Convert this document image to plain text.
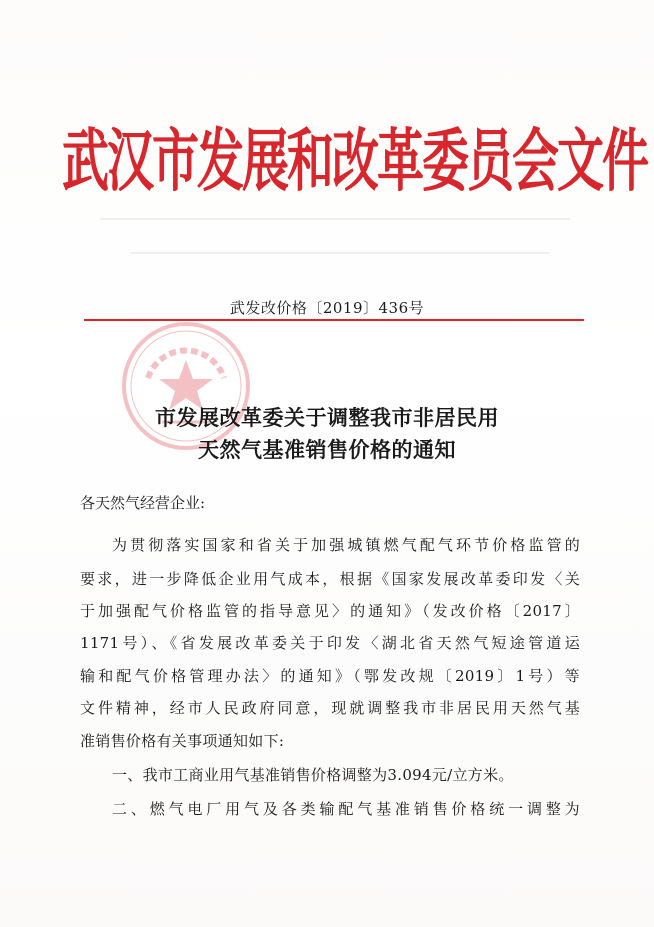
武汉市发展和改革委员会文件
武发改价格〔2019〕436号
市发展改革委关于调整我市非居民用
天然气基准销售价格的通知
各天然气经营企业:
为贯彻落实国家和省关于加强城镇燃气配气环节价格监管的
要求，进一步降低企业用气成本，根据《国家发展改革委印发〈关
于加强配气价格监管的指导意见〉的通知》（发改价格〔2017〕
1171号）、《省发展改革委关于印发〈湖北省天然气短途管道运
输和配气价格管理办法〉的通知》（鄂发改规〔2019〕1号）等
文件精神，经市人民政府同意，现就调整我市非居民用天然气基
准销售价格有关事项通知如下:
一、我市工商业用气基准销售价格调整为3.094元/立方米。
二、燃气电厂用气及各类输配气基准销售价格统一调整为
